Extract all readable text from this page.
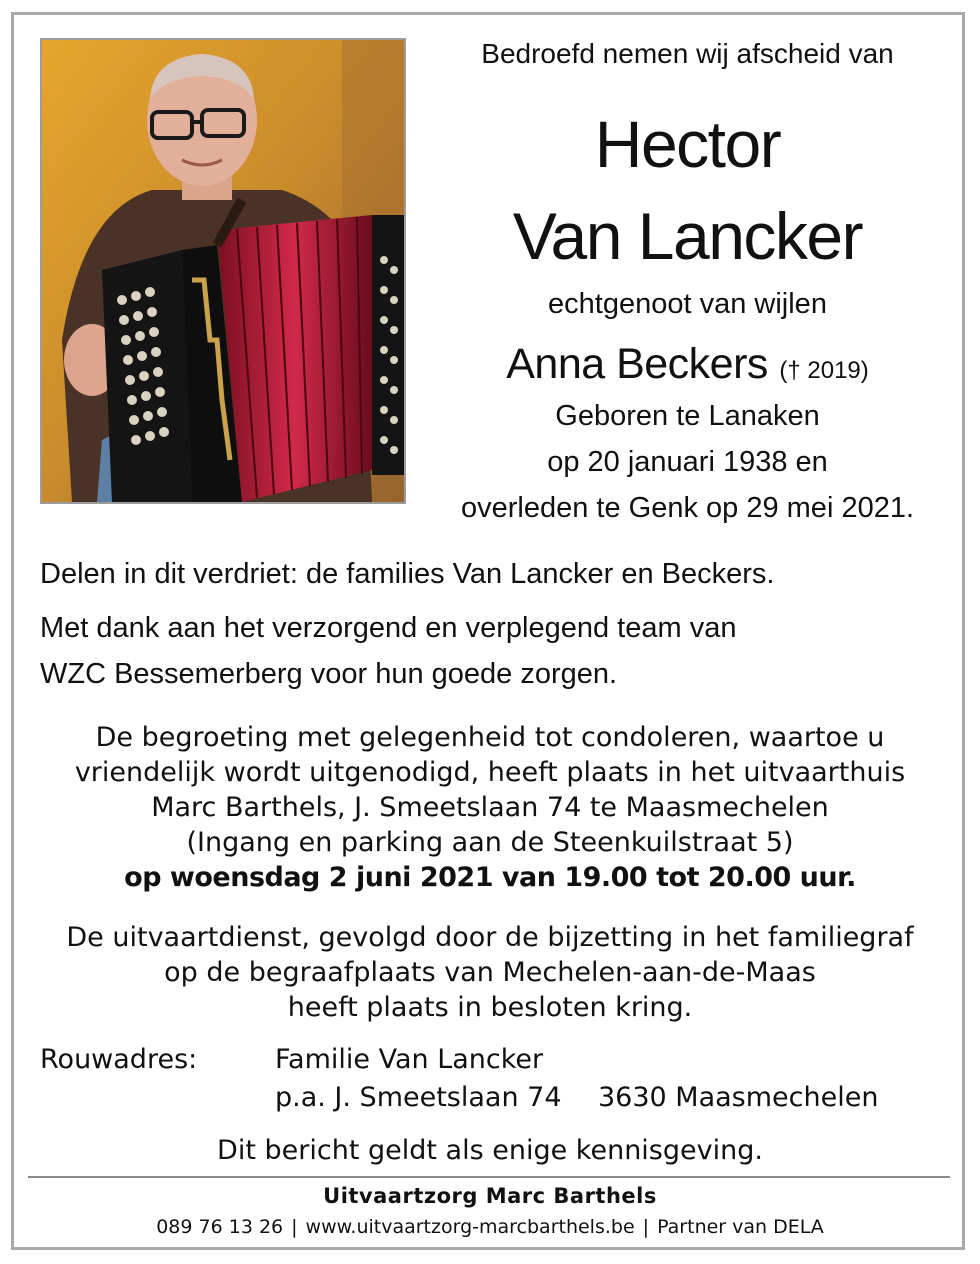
Bedroefd nemen wij afscheid van
Hector
Van Lancker
echtgenoot van wijlen
Anna Beckers († 2019)
Geboren te Lanaken
op 20 januari 1938 en
overleden te Genk op 29 mei 2021.
Delen in dit verdriet: de families Van Lancker en Beckers.
Met dank aan het verzorgend en verplegend team van
WZC Bessemerberg voor hun goede zorgen.
De begroeting met gelegenheid tot condoleren, waartoe u
vriendelijk wordt uitgenodigd, heeft plaats in het uitvaarthuis
Marc Barthels, J. Smeetslaan 74 te Maasmechelen
(Ingang en parking aan de Steenkuilstraat 5)
op woensdag 2 juni 2021 van 19.00 tot 20.00 uur.
De uitvaartdienst, gevolgd door de bijzetting in het familiegraf
op de begraafplaats van Mechelen-aan-de-Maas
heeft plaats in besloten kring.
Rouwadres:	Familie Van Lancker
p.a. J. Smeetslaan 74 3630 Maasmechelen
Dit bericht geldt als enige kennisgeving.
Uitvaartzorg Marc Barthels
089 76 13 26 | www.uitvaartzorg-marcbarthels.be | Partner van DELA
